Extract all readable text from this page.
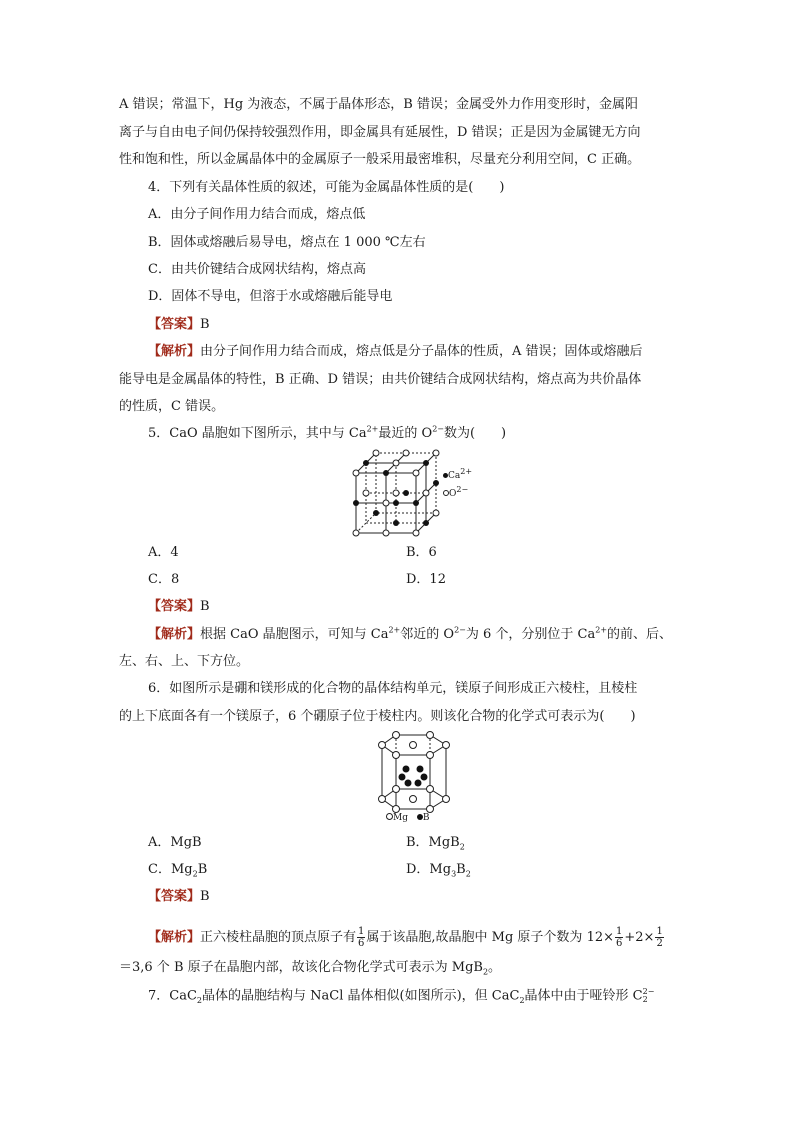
A 错误；常温下，Hg 为液态，不属于晶体形态，B 错误；金属受外力作用变形时，金属阳
离子与自由电子间仍保持较强烈作用，即金属具有延展性，D 错误；正是因为金属键无方向
性和饱和性，所以金属晶体中的金属原子一般采用最密堆积，尽量充分利用空间，C 正确。
4．下列有关晶体性质的叙述，可能为金属晶体性质的是(　　)
A．由分子间作用力结合而成，熔点低
B．固体或熔融后易导电，熔点在 1 000 ℃左右
C．由共价键结合成网状结构，熔点高
D．固体不导电，但溶于水或熔融后能导电
【答案】B
【解析】由分子间作用力结合而成，熔点低是分子晶体的性质，A 错误；固体或熔融后
能导电是金属晶体的特性，B 正确、D 错误；由共价键结合成网状结构，熔点高为共价晶体
的性质，C 错误。
5．CaO 晶胞如下图所示，其中与 $Ca^{2+}$最近的 $O^{2-}$数为(　　)
$Ca^{2+}$
$O^{2-}$
A．4	B．6
C．8	D．12
【答案】B
【解析】根据 CaO 晶胞图示，可知与 $Ca^{2+}$邻近的 $O^{2-}$为 6 个，分别位于 $Ca^{2+}$的前、后、
左、右、上、下方位。
6．如图所示是硼和镁形成的化合物的晶体结构单元，镁原子间形成正六棱柱，且棱柱
的上下底面各有一个镁原子，6 个硼原子位于棱柱内。则该化合物的化学式可表示为(　　)
Mg B
A．MgB	B．MgB$_2$
C．$Mg_2B$	D．$Mg_3B_2$
【答案】B
【解析】 正六棱柱晶胞的顶点原子有 1
6 属于该晶胞,故晶胞中 Mg 原子个数为 $12\times \frac{1}{6} +2\times \frac{1}{2}$
＝3,6 个 B 原子在晶胞内部，故该化合物化学式可表示为 MgB$_2$。
7．CaC$_2$晶体的晶胞结构与 NaCl 晶体相似(如图所示)，但 CaC$_2$晶体中由于哑铃形 C 2−
2
